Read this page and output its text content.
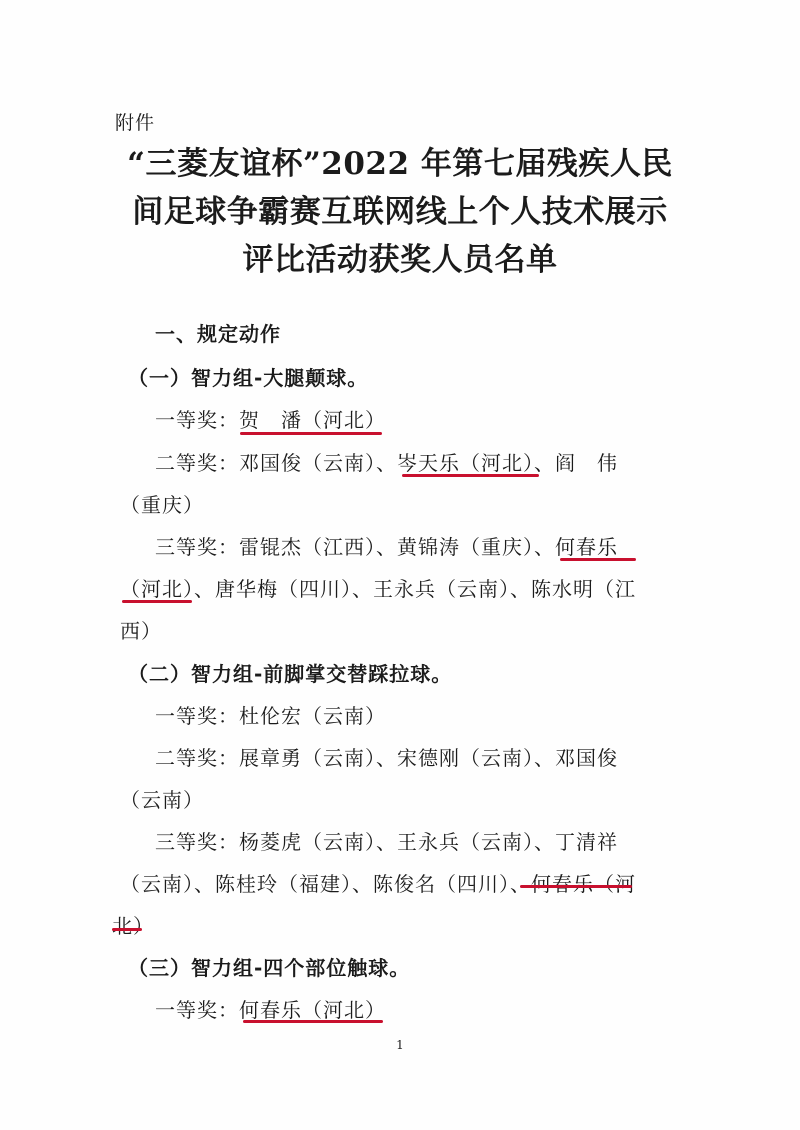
附件
“三菱友谊杯”2022 年第七届残疾人民
间足球争霸赛互联网线上个人技术展示
评比活动获奖人员名单
一、规定动作
（一）智力组-大腿颠球。
一等奖：贺　潘（河北）
二等奖：邓国俊（云南）、岑天乐（河北）、阎　伟
（重庆）
三等奖：雷锟杰（江西）、黄锦涛（重庆）、何春乐
（河北）、唐华梅（四川）、王永兵（云南）、陈水明（江
西）
（二）智力组-前脚掌交替踩拉球。
一等奖：杜伦宏（云南）
二等奖：展章勇（云南）、宋德刚（云南）、邓国俊
（云南）
三等奖：杨菱虎（云南）、王永兵（云南）、丁清祥
（云南）、陈桂玲（福建）、陈俊名（四川）、何春乐（河
北）
（三）智力组-四个部位触球。
一等奖：何春乐（河北）
1
